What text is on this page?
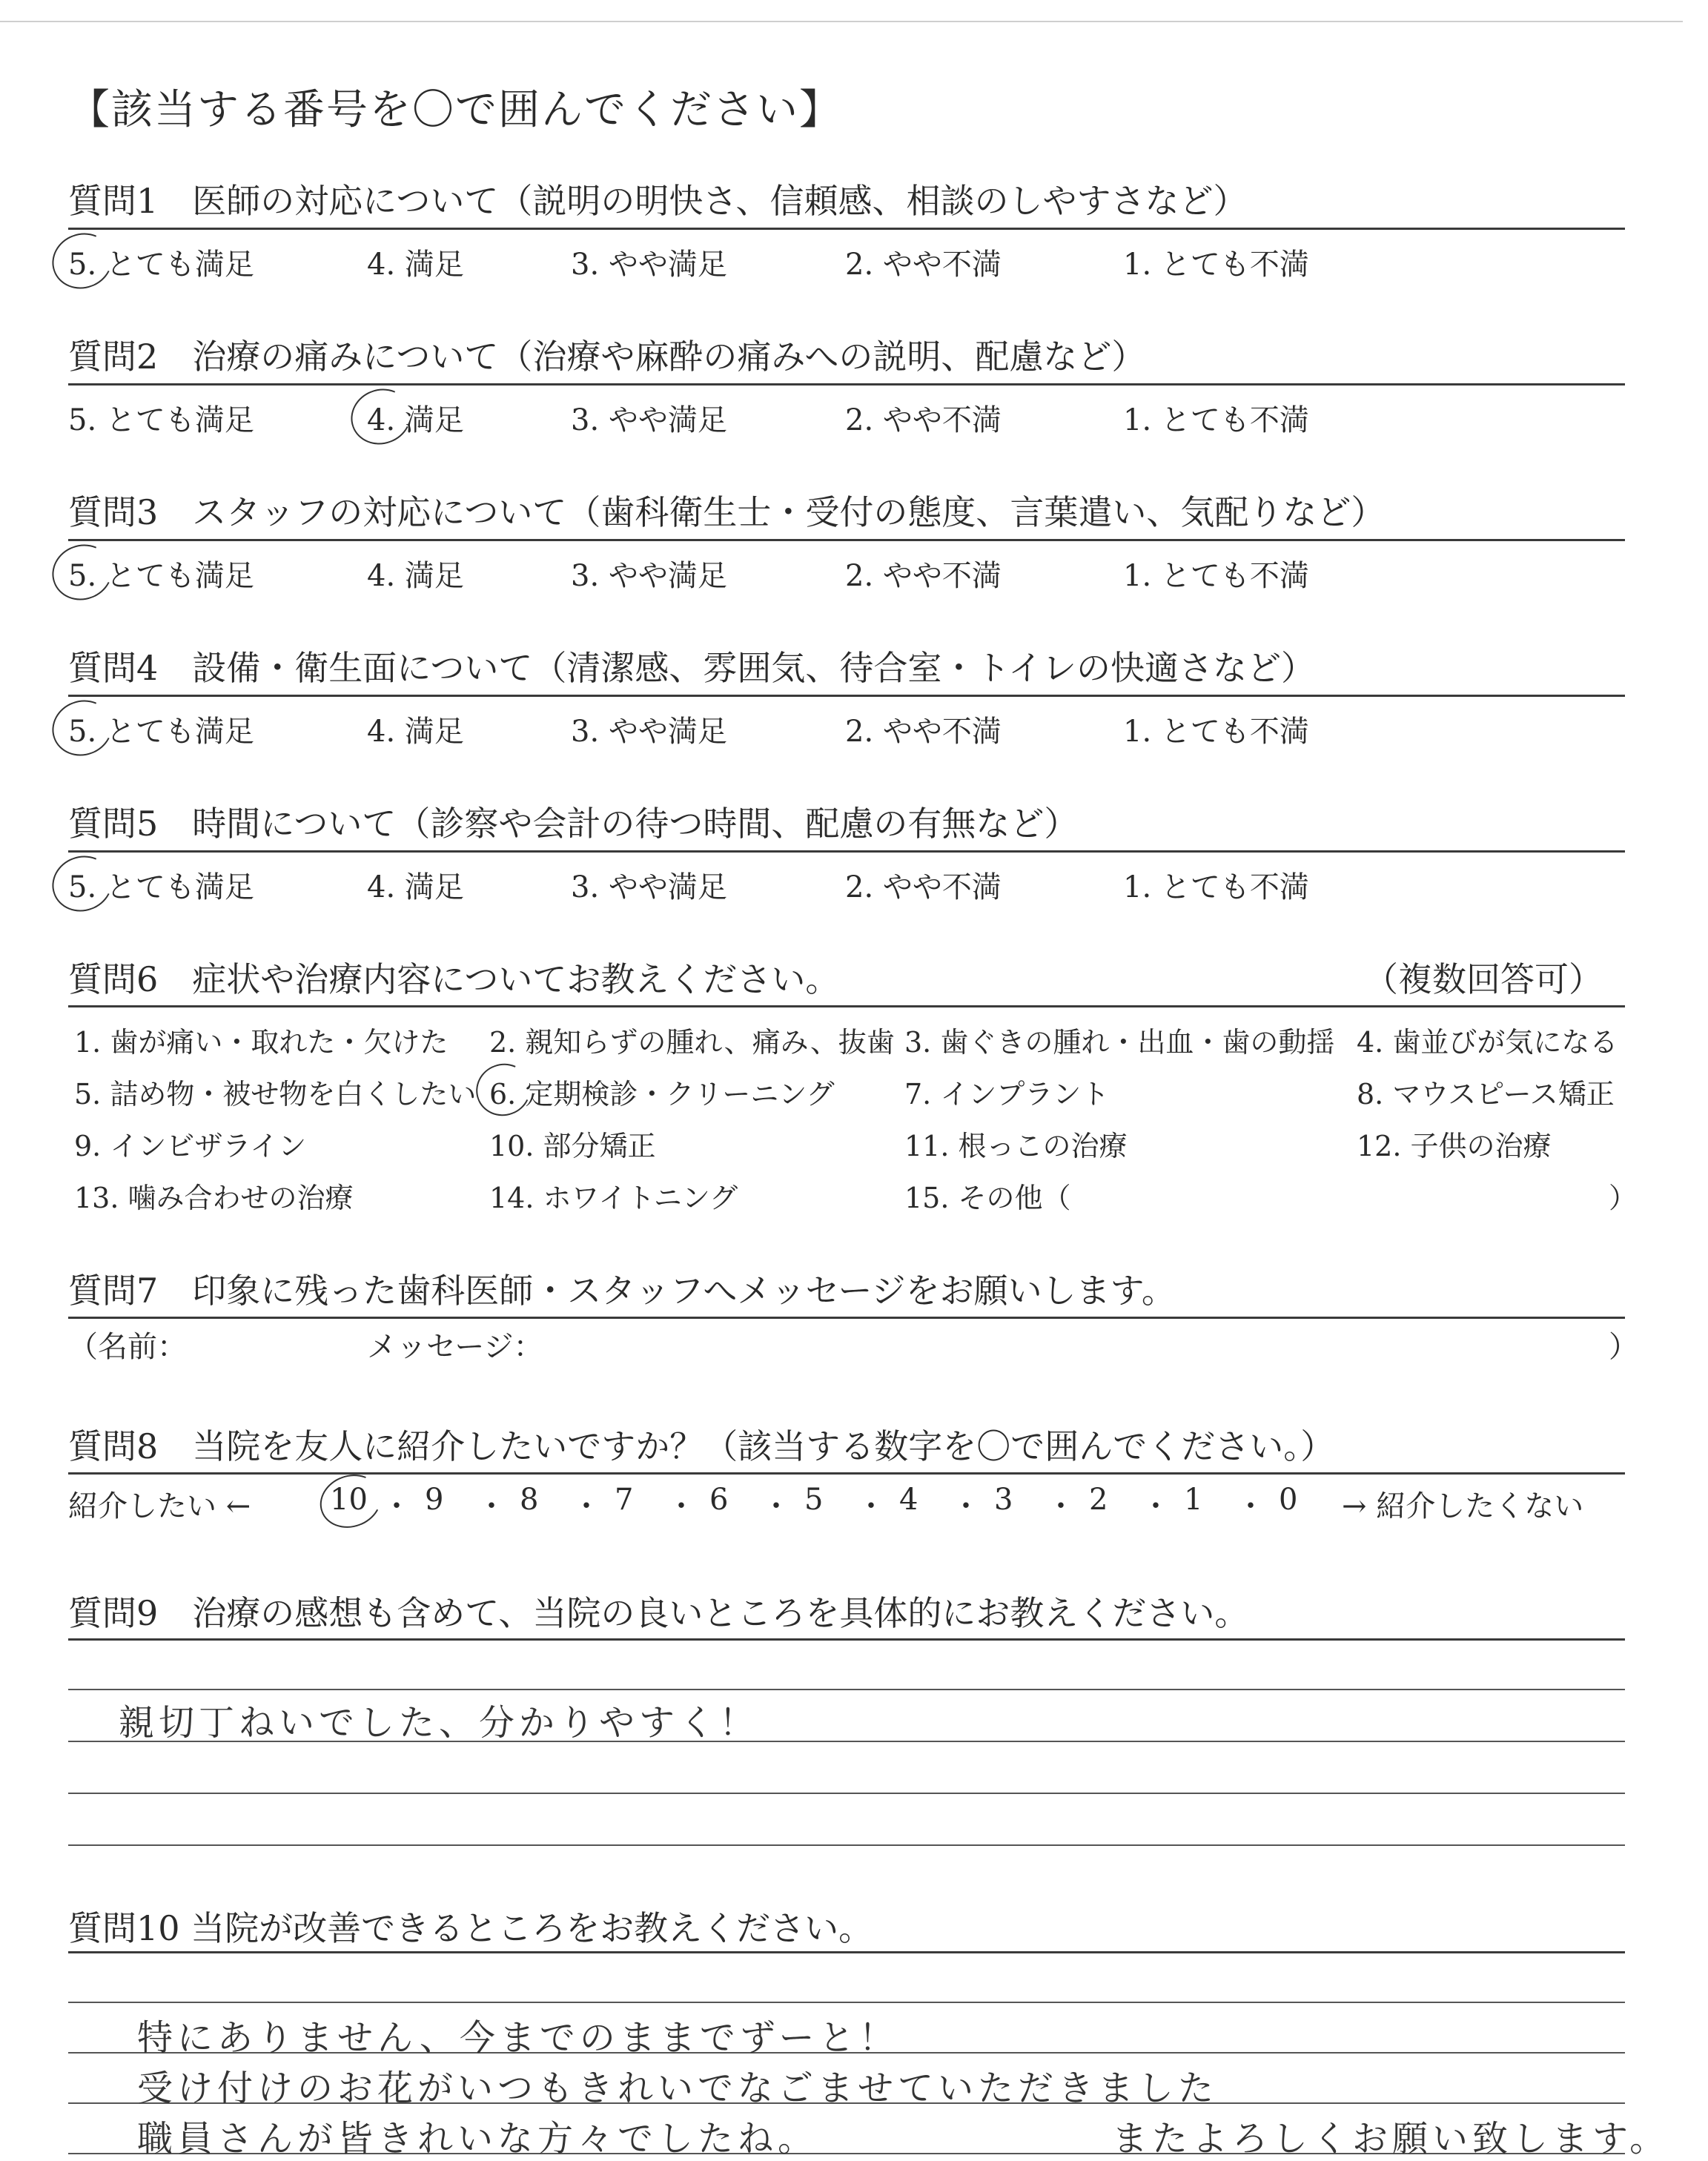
【該当する番号を〇で囲んでください】
質問1　医師の対応について（説明の明快さ、信頼感、相談のしやすさなど）
5. とても満足	4. 満足	3. やや満足	2. やや不満	1. とても不満
質問2　治療の痛みについて（治療や麻酔の痛みへの説明、配慮など）
5. とても満足	4. 満足	3. やや満足	2. やや不満	1. とても不満
質問3　スタッフの対応について（歯科衛生士・受付の態度、言葉遣い、気配りなど）
5. とても満足	4. 満足	3. やや満足	2. やや不満	1. とても不満
質問4　設備・衛生面について（清潔感、雰囲気、待合室・トイレの快適さなど）
5. とても満足	4. 満足	3. やや満足	2. やや不満	1. とても不満
質問5　時間について（診察や会計の待つ時間、配慮の有無など）
5. とても満足	4. 満足	3. やや満足	2. やや不満	1. とても不満
質問6　症状や治療内容についてお教えください。	（複数回答可）
1. 歯が痛い・取れた・欠けた 2. 親知らずの腫れ、痛み、抜歯 3. 歯ぐきの腫れ・出血・歯の動揺 4. 歯並びが気になる
5. 詰め物・被せ物を白くしたい 6. 定期検診・クリーニング 7. インプラント	8. マウスピース矯正
9. インビザライン	10. 部分矯正	11. 根っこの治療	12. 子供の治療
13. 噛み合わせの治療	14. ホワイトニング	15. その他（	）
質問7　印象に残った歯科医師・スタッフへメッセージをお願いします。
（名前：	メッセージ：	）
質問8　当院を友人に紹介したいですか？（該当する数字を〇で囲んでください。）
紹介したい ←	10 ・ 9 ・ 8 ・ 7 ・ 6 ・ 5 ・ 4 ・ 3 ・ 2 ・ 1 ・ 0 → 紹介したくない
質問9　治療の感想も含めて、当院の良いところを具体的にお教えください。
親切丁ねいでした、分かりやすく！
質問10 当院が改善できるところをお教えください。
特にありません、今までのままでずーと！
受け付けのお花がいつもきれいでなごませていただきました
職員さんが皆きれいな方々でしたね。	またよろしくお願い致します。
